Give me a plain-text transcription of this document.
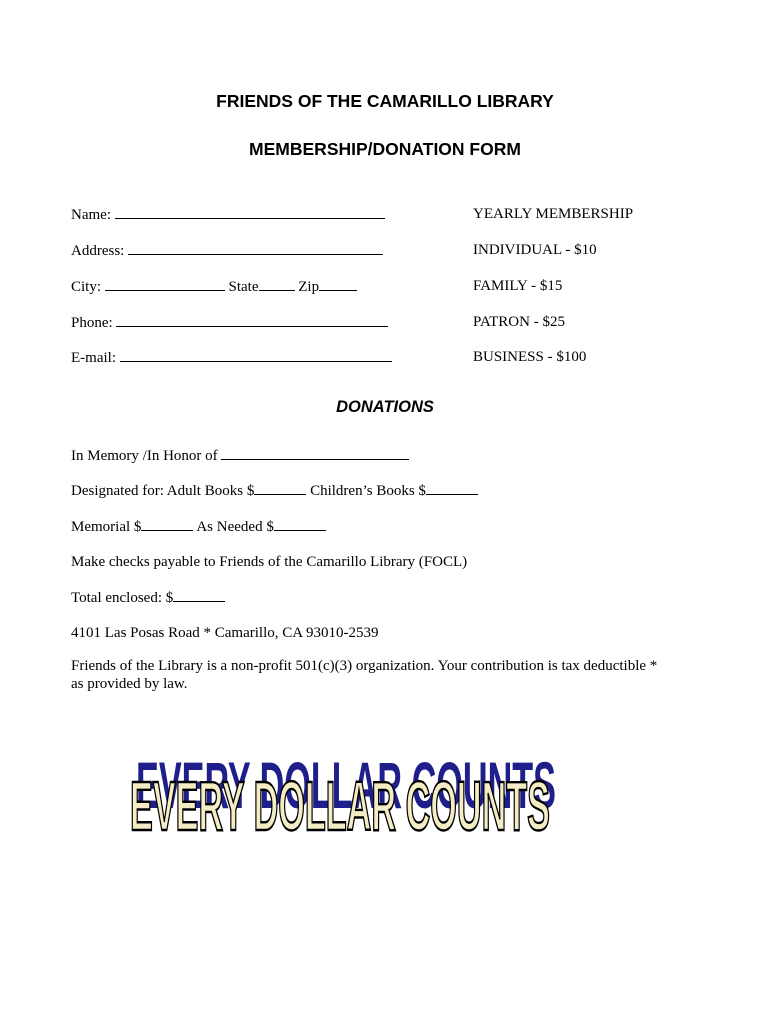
FRIENDS OF THE CAMARILLO LIBRARY
MEMBERSHIP/DONATION FORM
Name:
Address:
City:	State	Zip
Phone:
E-mail:
YEARLY MEMBERSHIP
INDIVIDUAL - $10
FAMILY - $15
PATRON - $25
BUSINESS - $100
DONATIONS
In Memory /In Honor of
Designated for: Adult Books $	Children’s Books $
Memorial $	As Needed $
Make checks payable to Friends of the Camarillo Library (FOCL)
Total enclosed: $
4101 Las Posas Road * Camarillo, CA 93010-2539
Friends of the Library is a non-profit 501(c)(3) organization. Your contribution is tax deductible * as provided by law.
EVERY DOLLAR COUNTS
EVERY DOLLAR COUNTS
